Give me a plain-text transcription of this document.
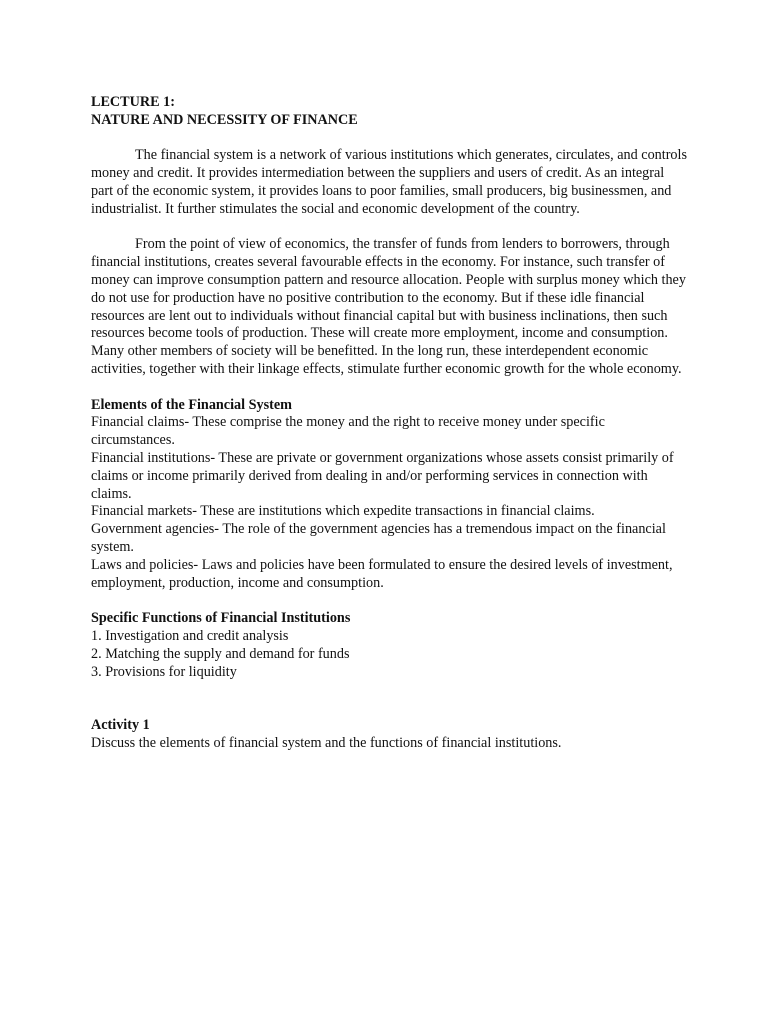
LECTURE 1:

NATURE AND NECESSITY OF FINANCE

The financial system is a network of various institutions which generates, circulates, and controls money and credit. It provides intermediation between the suppliers and users of credit. As an integral part of the economic system, it provides loans to poor families, small producers, big businessmen, and industrialist. It further stimulates the social and economic development of the country.

From the point of view of economics, the transfer of funds from lenders to borrowers, through financial institutions, creates several favourable effects in the economy. For instance, such transfer of money can improve consumption pattern and resource allocation. People with surplus money which they do not use for production have no positive contribution to the economy. But if these idle financial resources are lent out to individuals without financial capital but with business inclinations, then such resources become tools of production. These will create more employment, income and consumption. Many other members of society will be benefitted. In the long run, these interdependent economic activities, together with their linkage effects, stimulate further economic growth for the whole economy.

Elements of the Financial System

Financial claims- These comprise the money and the right to receive money under specific circumstances.

Financial institutions- These are private or government organizations whose assets consist primarily of claims or income primarily derived from dealing in and/or performing services in connection with claims.

Financial markets- These are institutions which expedite transactions in financial claims.

Government agencies- The role of the government agencies has a tremendous impact on the financial system.

Laws and policies- Laws and policies have been formulated to ensure the desired levels of investment, employment, production, income and consumption.

Specific Functions of Financial Institutions

1. Investigation and credit analysis

2. Matching the supply and demand for funds

3. Provisions for liquidity

Activity 1

Discuss the elements of financial system and the functions of financial institutions.
